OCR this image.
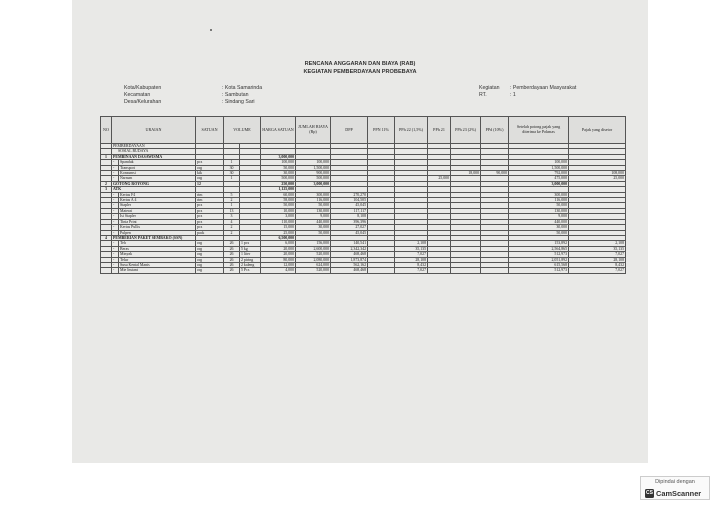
RENCANA ANGGARAN DAN BIAYA (RAB)
KEGIATAN PEMBERDAYAAN PROBEBAYA
Kota/Kabupaten	: Kota Samarinda
Kecamatan	: Sambutan
Desa/Kelurahan	: Sindang Sari
Kegiatan	: Pemberdayaan Masyarakat
RT.	: 1
NO	URAIAN		SATUAN	VOLUME		HARGA SATUAN	JUMLAH BIAYA (Rp)	DPP	PPN 11%	PPh 22 (1,5%)	PPh 21	PPh 23 (2%)	PPd (10%)	Setelah potong pajak yang diterima ke Pokmas	Pajak yang disetor
	PEMBERDAYAAN														
	SOSIAL BUDAYA														
1	PEMBINAAN DASAWISMA					3,000,000									
	-	Spanduk	pcs	1		100,000	100,000							100,000	
	-	Transport	org	30		50,000	1,500,000							1,500,000	
	-	Konsumsi	kik	30		30,000	900,000					18,000	90,000	792,000	108,000
	-	Narsum	org	1		500,000	500,000				25,000			475,000	25,000
2	GOTONG ROYONG		12			250,000	3,000,000							3,000,000	
3	ATK					1,125,000									
	-	Kertas F4	rim	5		60,000	300,000	270,270						300,000	
	-	Kertas A 4	rim	2		58,000	116,000	104,505						116,000	
	-	Stapler	pcs	1		50,000	50,000	45,045						50,000	
	-	Materai	pcs	13		10,000	130,000	117,117						130,000	
	-	Isi Stapler	pcs	3		3,000	9,000	8,108						9,000	
	-	Tinta Print	pcs	4		110,000	440,000	396,396						440,000	
	-	Kertas Pullis	pcs	2		15,000	30,000	27,027						30,000	
	-	Pulpen	pack	2		25,000	50,000	45,045						50,000	
4	PEMBERIAN PAKET SEMBAKO (SSN)					6,500,000									
	-	Teh	org	26	1 pcs	6,000	156,000	140,541		2,108				153,892	2,108
	-	Beras	org	26	5 kg	20,000	2,600,000	2,342,342		35,135				2,564,865	35,135
	-	Minyak	org	26	1 liter	20,000	520,000	468,468		7,027				512,973	7,027
	-	Telur	org	26	2 piring	80,000	2,080,000	1,873,874		28,108				2,051,892	28,108
	-	Susu Kental Manis	org	26	2 kaleng	12,000	624,000	562,162		8,432				615,568	8,432
	-	Mie Instant	org	26	5 Pcs	4,000	520,000	468,468		7,027				512,973	7,027
Dipindai dengan
CS CamScanner
